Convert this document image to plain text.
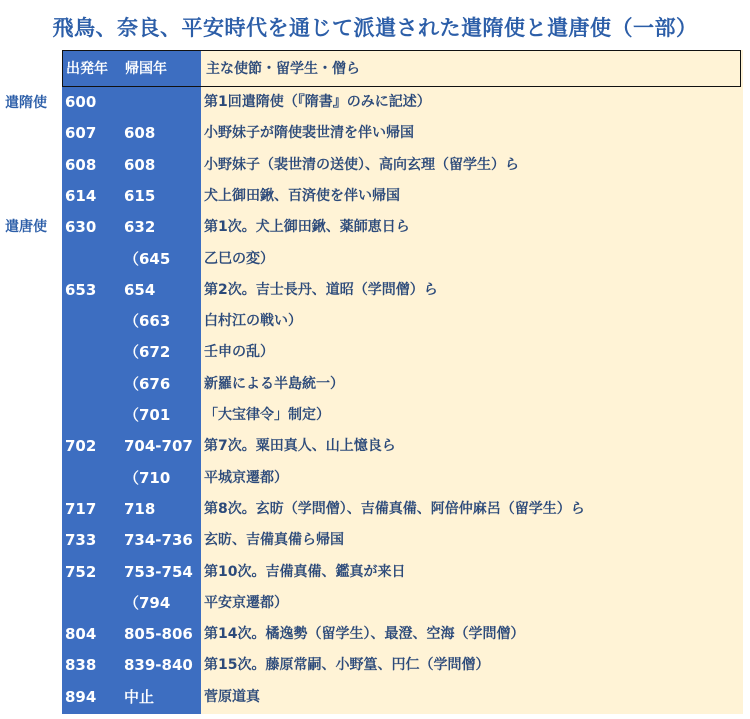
飛鳥、奈良、平安時代を通じて派遣された遣隋使と遣唐使（一部）
遣隋使
遣唐使
出発年 帰国年	主な使節・留学生・僧ら
600	第1回遣隋使（『隋書』のみに記述）
607 608	小野妹子が隋使裴世清を伴い帰国
608 608	小野妹子（裴世清の送使）、高向玄理（留学生）ら
614 615	犬上御田鍬、百済使を伴い帰国
630 632	第1次。犬上御田鍬、薬師恵日ら
（645 乙巳の変）
653 654	第2次。吉士長丹、道昭（学問僧）ら
（663 白村江の戦い）
（672 壬申の乱）
（676 新羅による半島統一）
（701 「大宝律令」制定）
702 704-707 第7次。粟田真人、山上憶良ら
（710 平城京遷都）
717 718	第8次。玄昉（学問僧）、吉備真備、阿倍仲麻呂（留学生）ら
733 734-736 玄昉、吉備真備ら帰国
752 753-754 第10次。吉備真備、鑑真が来日
（794 平安京遷都）
804 805-806 第14次。橘逸勢（留学生）、最澄、空海（学問僧）
838 839-840 第15次。藤原常嗣、小野篁、円仁（学問僧）
894 中止	菅原道真
